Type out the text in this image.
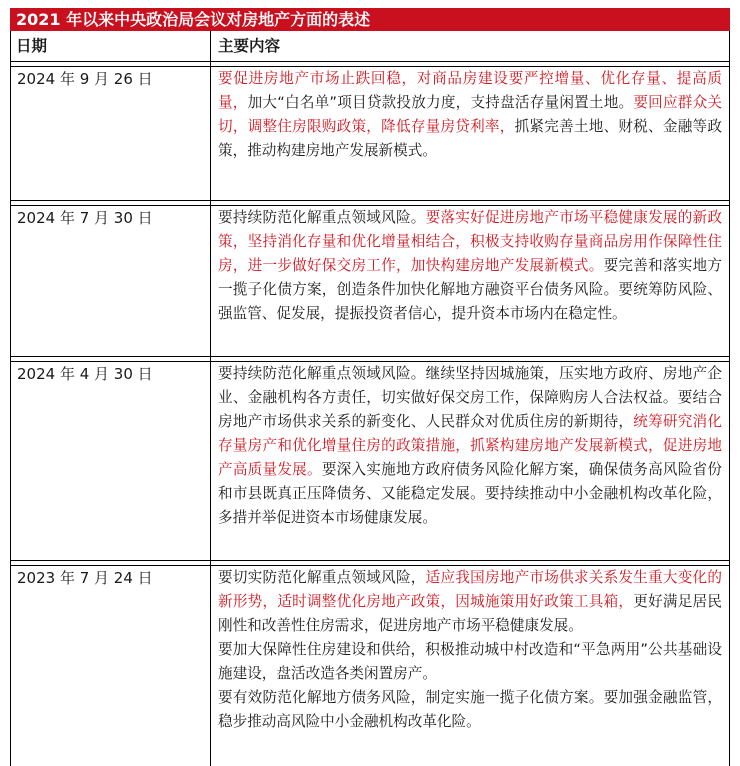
2021 年以来中央政治局会议对房地产方面的表述
日期	主要内容
2024 年 9 月 26 日	要促进房地产市场止跌回稳，对商品房建设要严控增量、优化存量、提高质量，加大“白名单”项目贷款投放力度，支持盘活存量闲置土地。要回应群众关切，调整住房限购政策，降低存量房贷利率，抓紧完善土地、财税、金融等政策，推动构建房地产发展新模式。

2024 年 7 月 30 日	要持续防范化解重点领域风险。要落实好促进房地产市场平稳健康发展的新政策，坚持消化存量和优化增量相结合，积极支持收购存量商品房用作保障性住房，进一步做好保交房工作，加快构建房地产发展新模式。要完善和落实地方一揽子化债方案，创造条件加快化解地方融资平台债务风险。要统筹防风险、强监管、促发展，提振投资者信心，提升资本市场内在稳定性。

2024 年 4 月 30 日	要持续防范化解重点领域风险。继续坚持因城施策，压实地方政府、房地产企业、金融机构各方责任，切实做好保交房工作，保障购房人合法权益。要结合房地产市场供求关系的新变化、人民群众对优质住房的新期待，统筹研究消化存量房产和优化增量住房的政策措施，抓紧构建房地产发展新模式，促进房地产高质量发展。要深入实施地方政府债务风险化解方案，确保债务高风险省份和市县既真正压降债务、又能稳定发展。要持续推动中小金融机构改革化险，多措并举促进资本市场健康发展。

2023 年 7 月 24 日	要切实防范化解重点领域风险，适应我国房地产市场供求关系发生重大变化的新形势，适时调整优化房地产政策，因城施策用好政策工具箱，更好满足居民刚性和改善性住房需求，促进房地产市场平稳健康发展。

要加大保障性住房建设和供给，积极推动城中村改造和“平急两用”公共基础设施建设，盘活改造各类闲置房产。

要有效防范化解地方债务风险，制定实施一揽子化债方案。要加强金融监管，稳步推动高风险中小金融机构改革化险。
